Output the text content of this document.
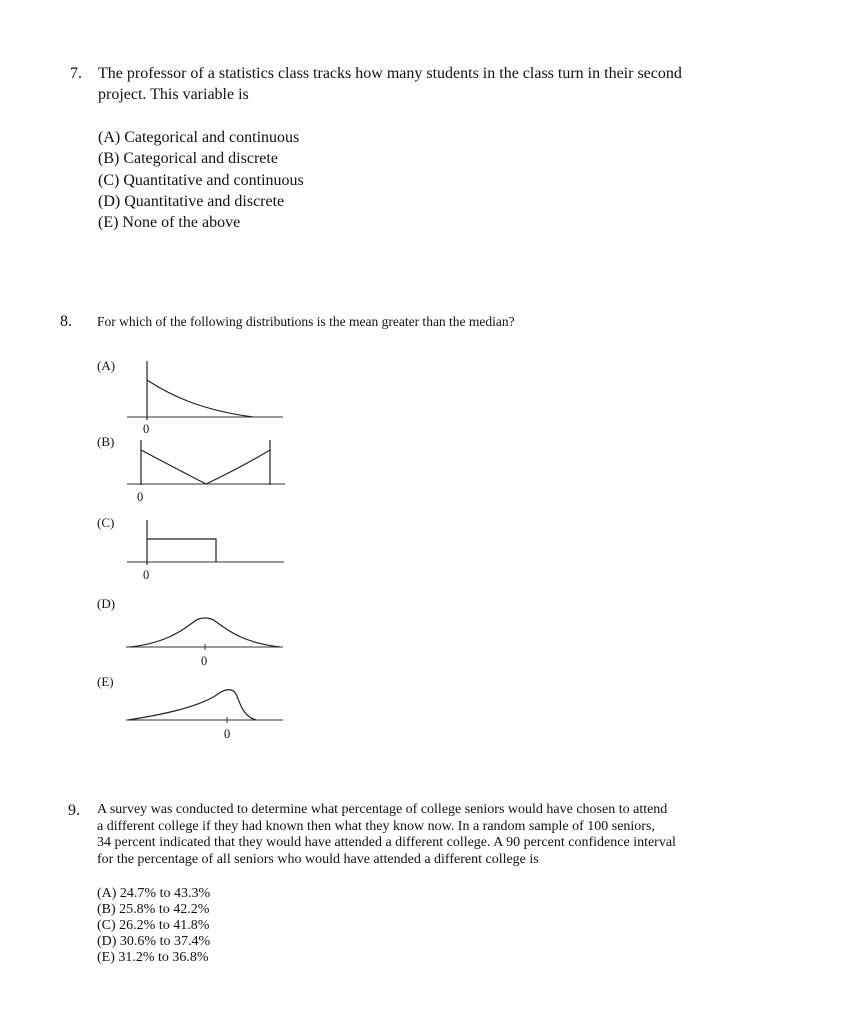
7. The professor of a statistics class tracks how many students in the class turn in their second
project. This variable is
(A) Categorical and continuous
(B) Categorical and discrete
(C) Quantitative and continuous
(D) Quantitative and discrete
(E) None of the above
8. For which of the following distributions is the mean greater than the median?
(A)
(B)
(C)
(D)
(E)
0
0
0
0
0
9. A survey was conducted to determine what percentage of college seniors would have chosen to attend
a different college if they had known then what they know now. In a random sample of 100 seniors,
34 percent indicated that they would have attended a different college. A 90 percent confidence interval
for the percentage of all seniors who would have attended a different college is
(A) 24.7% to 43.3%
(B) 25.8% to 42.2%
(C) 26.2% to 41.8%
(D) 30.6% to 37.4%
(E) 31.2% to 36.8%
